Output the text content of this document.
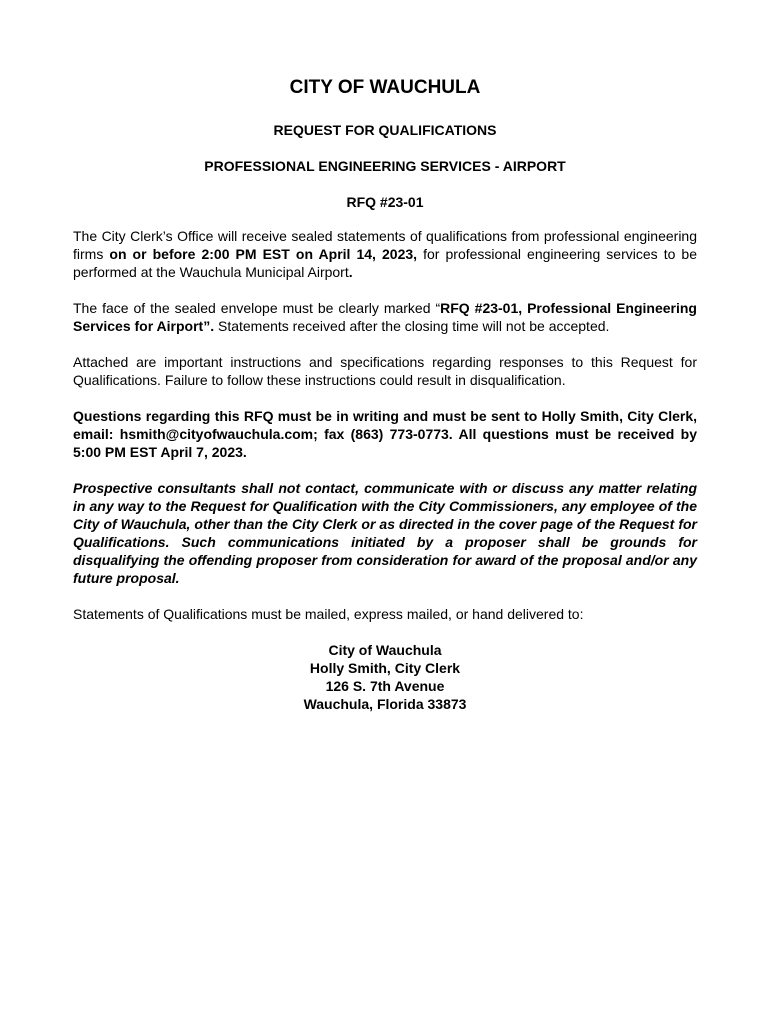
CITY OF WAUCHULA
REQUEST FOR QUALIFICATIONS
PROFESSIONAL ENGINEERING SERVICES - AIRPORT
RFQ #23-01

The City Clerk’s Office will receive sealed statements of qualifications from professional engineering firms on or before 2:00 PM EST on April 14, 2023, for professional engineering services to be performed at the Wauchula Municipal Airport.

The face of the sealed envelope must be clearly marked “RFQ #23-01, Professional Engineering Services for Airport”. Statements received after the closing time will not be accepted.

Attached are important instructions and specifications regarding responses to this Request for Qualifications. Failure to follow these instructions could result in disqualification.

Questions regarding this RFQ must be in writing and must be sent to Holly Smith, City Clerk, email: hsmith@cityofwauchula.com; fax (863) 773-0773. All questions must be received by 5:00 PM EST April 7, 2023.

Prospective consultants shall not contact, communicate with or discuss any matter relating in any way to the Request for Qualification with the City Commissioners, any employee of the City of Wauchula, other than the City Clerk or as directed in the cover page of the Request for Qualifications. Such communications initiated by a proposer shall be grounds for disqualifying the offending proposer from consideration for award of the proposal and/or any future proposal.

Statements of Qualifications must be mailed, express mailed, or hand delivered to:

City of Wauchula
Holly Smith, City Clerk
126 S. 7th Avenue
Wauchula, Florida 33873
